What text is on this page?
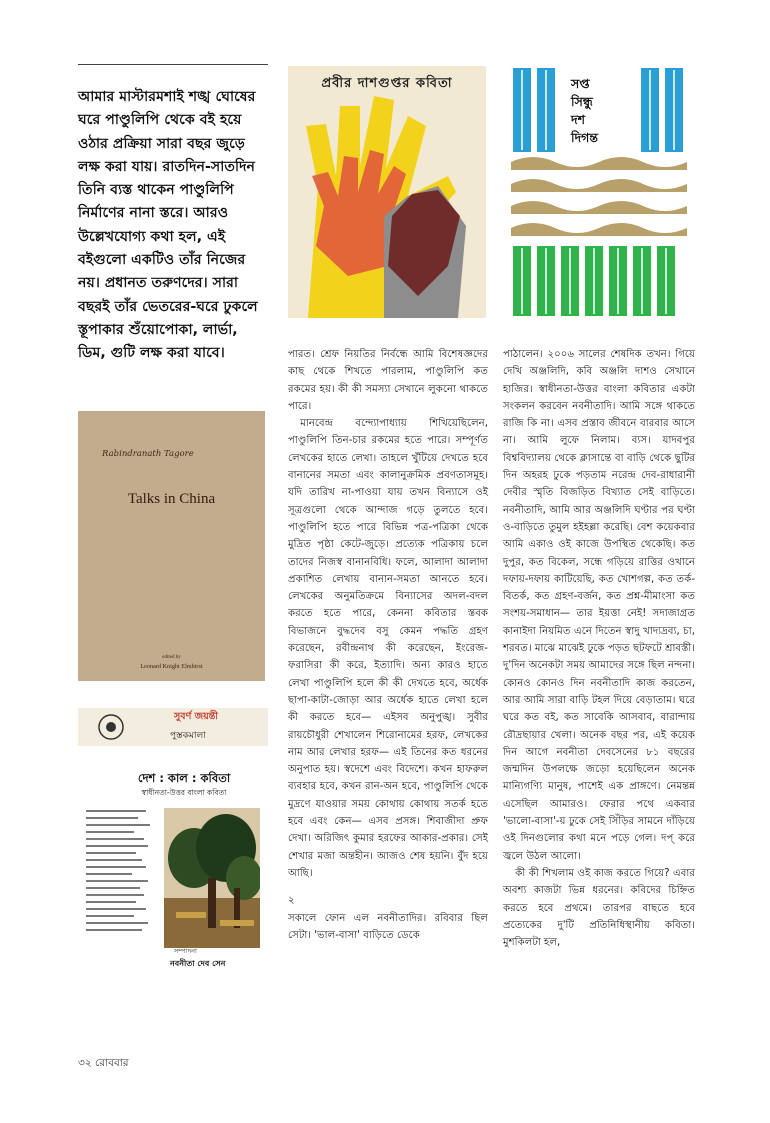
আমার মাস্টারমশাই শঙ্খ ঘোষের ঘরে পাণ্ডুলিপি থেকে বই হয়ে ওঠার প্রক্রিয়া সারা বছর জুড়ে লক্ষ করা যায়। রাতদিন-সাতদিন তিনি ব্যস্ত থাকেন পাণ্ডুলিপি নির্মাণের নানা স্তরে। আরও উল্লেখযোগ্য কথা হল, এই বইগুলো একটিও তাঁর নিজের নয়। প্রধানত তরুণদের। সারা বছরই তাঁর ভেতরের-ঘরে ঢুকলে স্তূপাকার শুঁয়োপোকা, লার্ভা, ডিম, গুটি লক্ষ করা যাবে।
প্রবীর দাশগুপ্তর কবিতা	সপ্ত
সিন্ধু
দশ
দিগন্ত
Rabindranath Tagore
Talks in China
edited by
Leonard Knight Elmhirst
সুবর্ণ জয়ন্তী
পুস্তকমালা
দেশ : কাল : কবিতা
স্বাধীনতা-উত্তর বাংলা কবিতা
সম্পাদনা
নবনীতা দেব সেন

পারত। শ্রেফ নিয়তির নির্বন্ধে আমি বিশেষজ্ঞদের কাছ থেকে শিখতে পারলাম, পাণ্ডুলিপি কত রকমের হয়। কী কী সমস্যা সেখানে লুকনো থাকতে পারে।

মানবেন্দ্র বন্দ্যোপাধ্যায় শিখিয়েছিলেন, পাণ্ডুলিপি তিন-চার রকমের হতে পারে। সম্পূর্ণত লেখকের হাতে লেখা। তাহলে খুঁটিয়ে দেখতে হবে বানানের সমতা এবং কালানুক্রমিক প্রবণতাসমূহ। যদি তারিখ না-পাওয়া যায় তখন বিন্যাসে ওই সূত্রগুলো থেকে আন্দাজ গড়ে তুলতে হবে। পাণ্ডুলিপি হতে পারে বিভিন্ন পত্র-পত্রিকা থেকে মুদ্রিত পৃষ্ঠা কেটে-জুড়ে। প্রত্যেক পত্রিকায় চলে তাদের নিজস্ব বানানবিধি। ফলে, আলাদা আলাদা প্রকাশিত লেখায় বানান-সমতা আনতে হবে। লেখকের অনুমতিক্রমে বিন্যাসের অদল-বদল করতে হতে পারে, কেননা কবিতার স্তবক বিভাজনে বুদ্ধদেব বসু কেমন পদ্ধতি গ্রহণ করেছেন, রবীন্দ্রনাথ কী করেছেন, ইংরেজ-ফরাসিরা কী করে, ইত্যাদি। অন্য কারও হাতে লেখা পাণ্ডুলিপি হলে কী কী দেখতে হবে, অর্ধেক ছাপা-কাটা-জোড়া আর অর্ধেক হাতে লেখা হলে কী করতে হবে— এইসব অনুপুঙ্খ। সুবীর রায়চৌধুরী শেখালেন শিরোনামের হরফ, লেখকের নাম আর লেখার হরফ— এই তিনের কত ধরনের অনুপাত হয়। স্বদেশে এবং বিদেশে। কখন হাফরুল ব্যবহার হবে, কখন রান-অন হবে, পাণ্ডুলিপি থেকে মুদ্রণে যাওয়ার সময় কোথায় কোথায় সতর্ক হতে হবে এবং কেন— এসব প্রসঙ্গ। শিবাজীদা প্রুফ দেখা। অরিজিৎ কুমার হরফের আকার-প্রকার। সেই শেখার মজা অন্তহীন। আজও শেষ হয়নি। বুঁদ হয়ে আছি।

২

সকালে ফোন এল নবনীতাদির। রবিবার ছিল সেটা। 'ভাল-বাসা' বাড়িতে ডেকে

পাঠালেন। ২০০৬ সালের শেষদিক তখন। গিয়ে দেখি অঞ্জলিদি, কবি অঞ্জলি দাশও সেখানে হাজির। স্বাধীনতা-উত্তর বাংলা কবিতার একটা সংকলন করবেন নবনীতাদি। আমি সঙ্গে থাকতে রাজি কি না। এসব প্রস্তাব জীবনে বারবার আসে না। আমি লুফে নিলাম। ব্যস। যাদবপুর বিশ্ববিদ্যালয় থেকে ক্লাসান্তে বা বাড়ি থেকে ছুটির দিন অহরহ ঢুকে পড়তাম নরেন্দ্র দেব-রাধারানী দেবীর স্মৃতি বিজড়িত বিখ্যাত সেই বাড়িতে। নবনীতাদি, আমি আর অঞ্জলিদি ঘণ্টার পর ঘণ্টা ও-বাড়িতে তুমুল হইহল্লা করেছি। বেশ কয়েকবার আমি একাও ওই কাজে উপস্থিত থেকেছি। কত দুপুর, কত বিকেল, সন্ধে গড়িয়ে রাত্তির ওখানে দফায়-দফায় কাটিয়েছি, কত খোশগল্প, কত তর্ক-বিতর্ক, কত গ্রহণ-বর্জন, কত প্রশ্ন-মীমাংসা কত সংশয়-সমাধান— তার ইয়ত্তা নেই! সদাজাগ্রত কানাইদা নিয়মিত এনে দিতেন স্বাদু খাদ্যদ্রব্য, চা, শরবত। মাঝে মাঝেই ঢুকে পড়ত ছটফটে শ্রাবস্তী। দু'দিন অনেকটা সময় আমাদের সঙ্গে ছিল নন্দনা। কোনও কোনও দিন নবনীতাদি কাজ করতেন, আর আমি সারা বাড়ি টহল দিয়ে বেড়াতাম। ঘরে ঘরে কত বই, কত সাবেকি আসবাব, বারান্দায় রৌদ্রছায়ার খেলা। অনেক বছর পর, এই কয়েক দিন আগে নবনীতা দেবসেনের ৮১ বছরের জন্মদিন উপলক্ষে জড়ো হয়েছিলেন অনেক মান্যিগণ্যি মানুষ, পাশেই এক প্রাঙ্গণে। নেমন্তন্ন এসেছিল আমারও। ফেরার পথে একবার 'ভালো-বাসা'-য় ঢুকে সেই সিঁড়ির সামনে দাঁড়িয়ে ওই দিনগুলোর কথা মনে পড়ে গেল। দপ্ করে জ্বলে উঠল আলো।

কী কী শিখলাম ওই কাজ করতে গিয়ে? এবার অবশ্য কাজটা ভিন্ন ধরনের। কবিদের চিহ্নিত করতে হবে প্রথমে। তারপর বাছতে হবে প্রত্যেকের দু'টি প্রতিনিধিস্থানীয় কবিতা। মুশকিলটা হল,

৩২ রোববার
